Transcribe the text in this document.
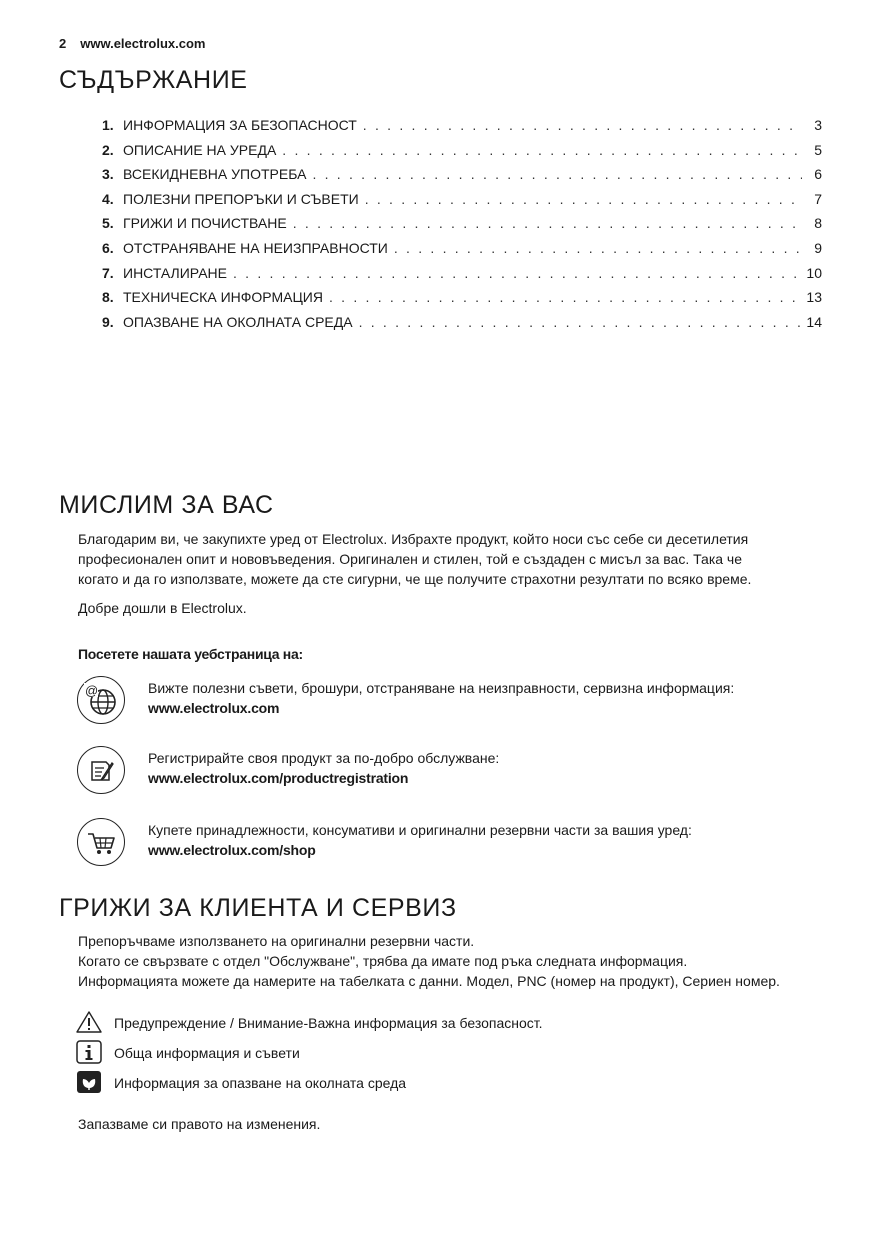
2 www.electrolux.com
СЪДЪРЖАНИЕ
1. ИНФОРМАЦИЯ ЗА БЕЗОПАСНОСТ . . .	3
2. ОПИСАНИЕ НА УРЕДА . . .	5
3. ВСЕКИДНЕВНА УПОТРЕБА . . .	6
4. ПОЛЕЗНИ ПРЕПОРЪКИ И СЪВЕТИ . . .	7
5. ГРИЖИ И ПОЧИСТВАНЕ . . .	8
6. ОТСТРАНЯВАНЕ НА НЕИЗПРАВНОСТИ . . .	9
7. ИНСТАЛИРАНЕ . . .	10
8. ТЕХНИЧЕСКА ИНФОРМАЦИЯ . . .	13
9. ОПАЗВАНЕ НА ОКОЛНАТА СРЕДА . . .	14
МИСЛИМ ЗА ВАС

Благодарим ви, че закупихте уред от Electrolux. Избрахте продукт, който носи със себе си десетилетия
професионален опит и нововъведения. Оригинален и стилен, той е създаден с мисъл за вас. Така че
когато и да го използвате, можете да сте сигурни, че ще получите страхотни резултати по всяко време.

Добре дошли в Electrolux.

Посетете нашата уебстраница на:

@	Вижте полезни съвети, брошури, отстраняване на неизправности, сервизна информация:
www.electrolux.com
Регистрирайте своя продукт за по-добро обслужване:
www.electrolux.com/productregistration
Купете принадлежности, консумативи и оригинални резервни части за вашия уред:
www.electrolux.com/shop
ГРИЖИ ЗА КЛИЕНТА И СЕРВИЗ

Препоръчваме използването на оригинални резервни части.
Когато се свързвате с отдел "Обслужване", трябва да имате под ръка следната информация.
Информацията можете да намерите на табелката с данни. Модел, PNC (номер на продукт), Сериен номер.

Предупреждение / Внимание-Важна информация за безопасност.
Обща информация и съвети
Информация за опазване на околната среда

Запазваме си правото на изменения.
